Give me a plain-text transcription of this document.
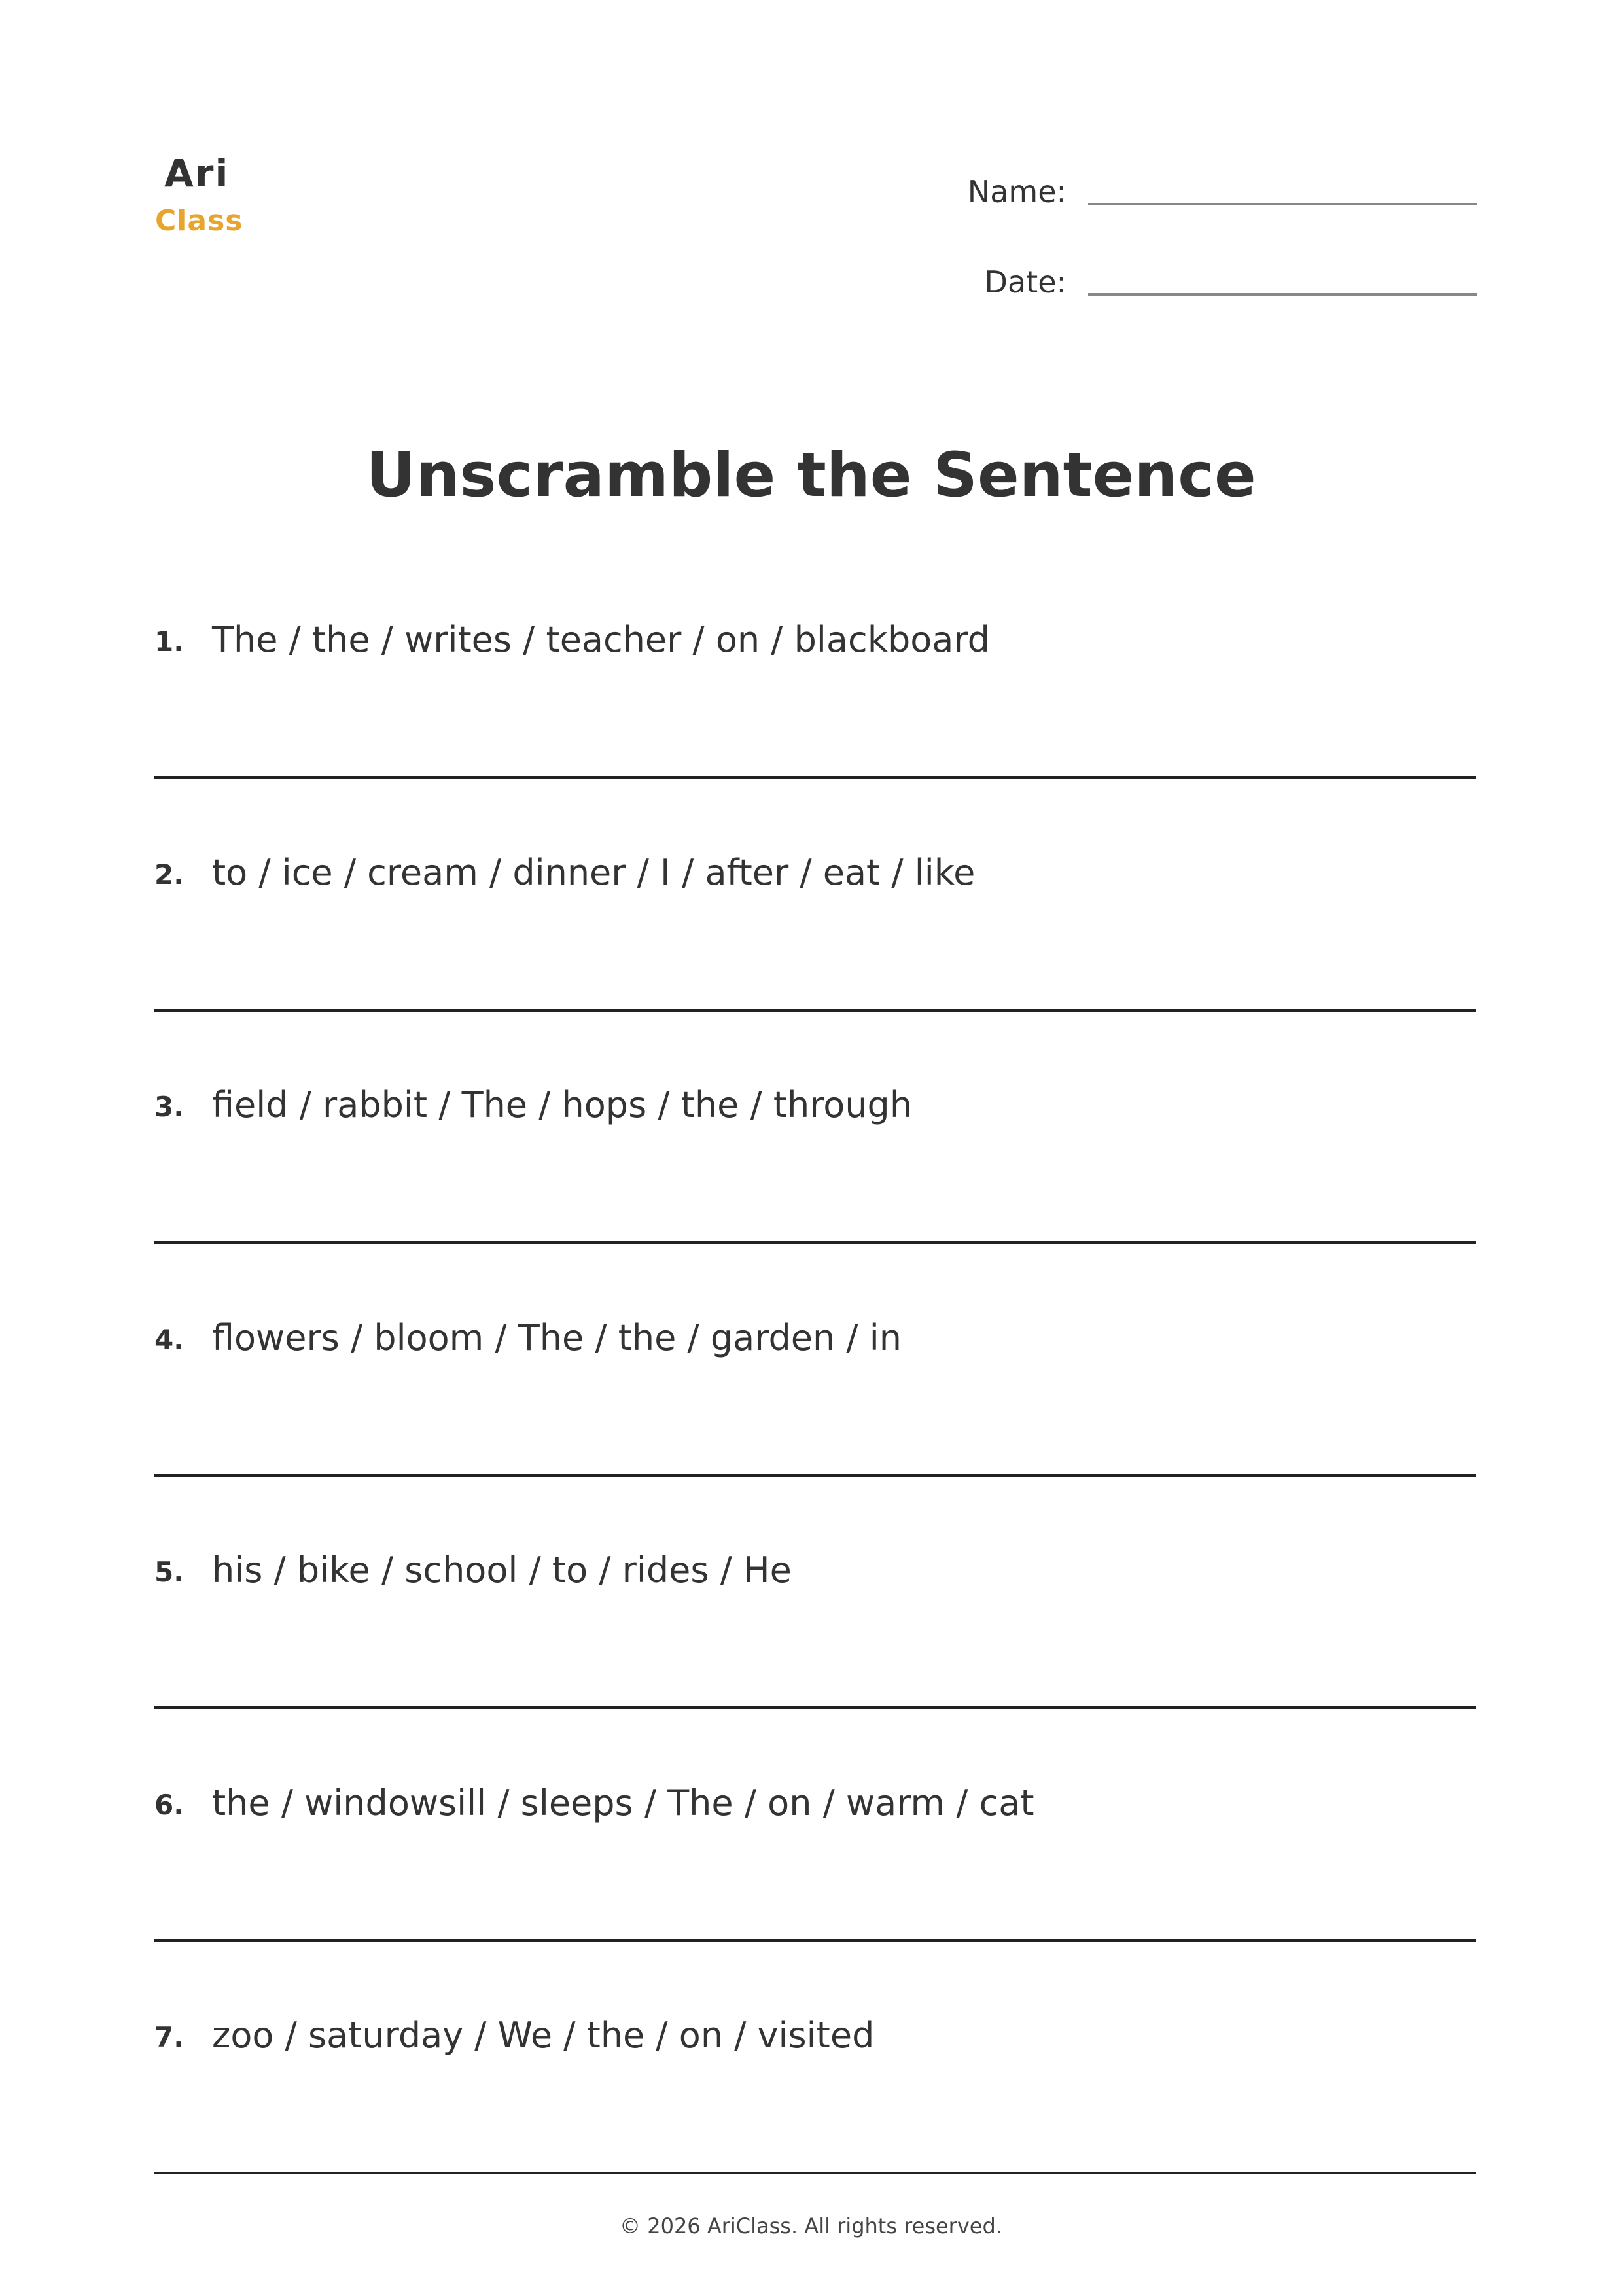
Ari
Class
Name:
Date:
Unscramble the Sentence
1. The / the / writes / teacher / on / blackboard
2. to / ice / cream / dinner / I / after / eat / like
3. field / rabbit / The / hops / the / through
4. flowers / bloom / The / the / garden / in
5. his / bike / school / to / rides / He
6. the / windowsill / sleeps / The / on / warm / cat
7. zoo / saturday / We / the / on / visited
© 2026 AriClass. All rights reserved.
